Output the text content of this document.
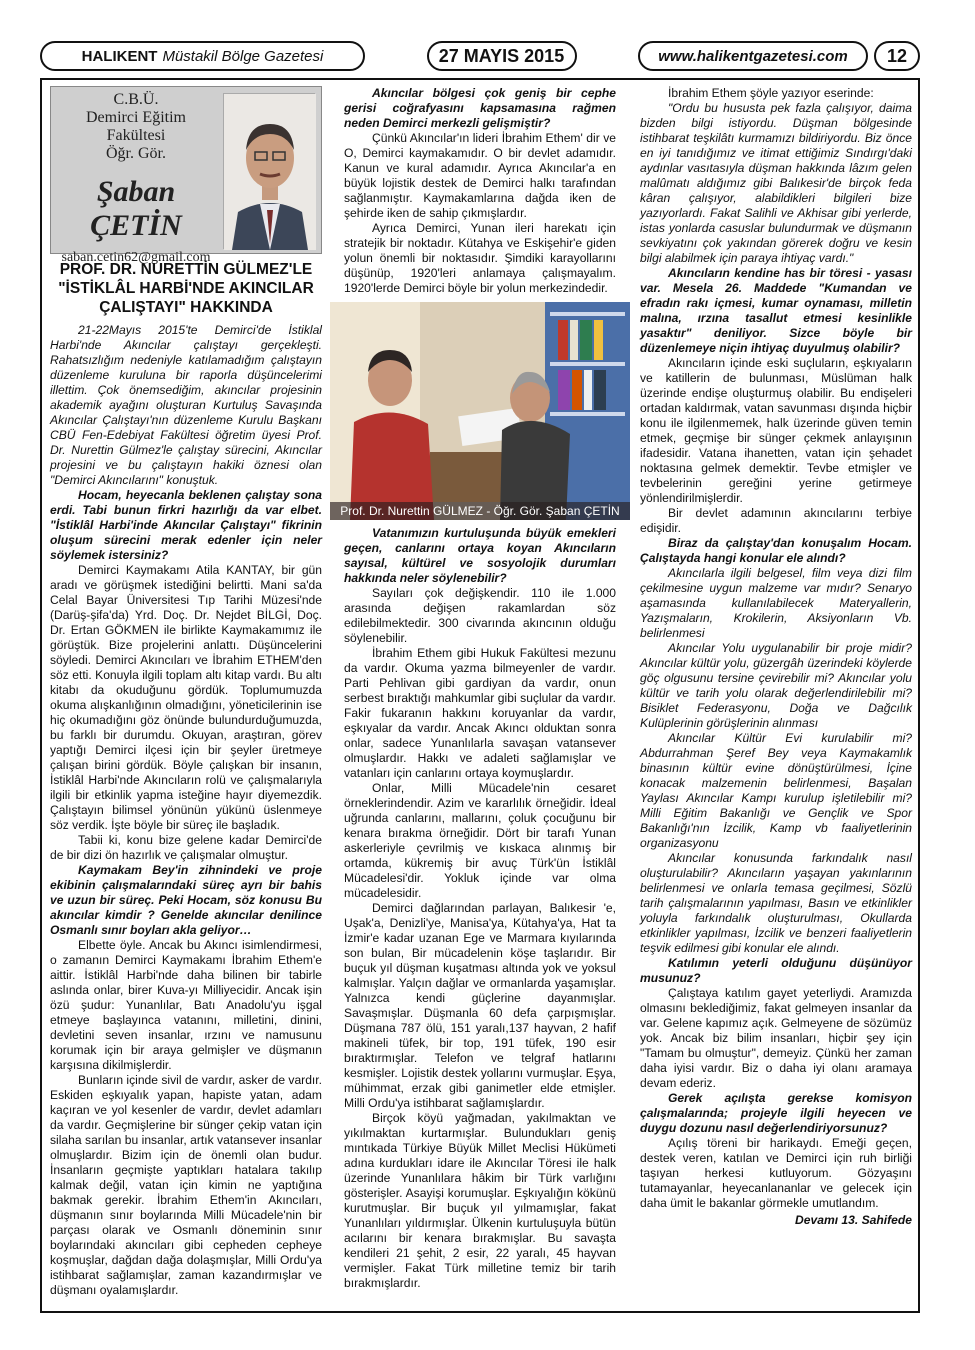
HALIKENT Müstakil Bölge Gazetesi	27 MAYIS 2015	www.halikentgazetesi.com	12
C.B.Ü.
Demirci Eğitim Fakültesi
Öğr. Gör.
Şaban ÇETİN
saban.cetin62@gmail.com
PROF. DR. NURETTİN GÜLMEZ'LE "İSTİKLÂL HARBİ'NDE AKINCILAR ÇALIŞTAYI" HAKKINDA

21-22Mayıs 2015'te Demirci'de İstiklal Harbi'nde Akıncılar çalıştayı gerçekleşti. Rahatsızlığım nedeniyle katılamadığım çalıştayın düzenleme kuruluna bir raporla düşüncelerimi illettim. Çok önemsediğim, akıncılar projesinin akademik ayağını oluşturan Kurtuluş Savaşında Akıncılar Çalıştayı'nın düzenleme Kurulu Başkanı CBÜ Fen-Edebiyat Fakültesi öğretim üyesi Prof. Dr. Nurettin Gülmez'le çalıştay sürecini, Akıncılar projesini ve bu çalıştayın hakiki öznesi olan "Demirci Akıncılarını" konuştuk.

Hocam, heyecanla beklenen çalıştay sona erdi. Tabi bunun firkri hazırlığı da var elbet. "İstiklâl Harbi'inde Akıncılar Çalıştayı" fikrinin oluşum sürecini merak edenler için neler söylemek istersiniz?

Demirci Kaymakamı Atila KANTAY, bir gün aradı ve görüşmek istediğini belirtti. Mani sa'da Celal Bayar Üniversitesi Tıp Tarihi Müzesi'nde (Darüş-şifa'da) Yrd. Doç. Dr. Nejdet BİLGİ, Doç. Dr. Ertan GÖKMEN ile birlikte Kaymakamımız ile görüştük. Bize projelerini anlattı. Düşüncelerini söyledi. Demirci Akıncıları ve İbrahim ETHEM'den söz etti. Konuyla ilgili toplam altı kitap vardı. Bu altı kitabı da okuduğunu gördük. Toplumumuzda okuma alışkanlığının olmadığını, yöneticilerinin ise hiç okumadığını göz önünde bulundurduğumuzda, bu farklı bir durumdu. Okuyan, araştıran, görev yaptığı Demirci ilçesi için bir şeyler üretmeye çalışan birini gördük. Böyle çalışkan bir insanın, İstiklâl Harbi'nde Akıncıların rolü ve çalışmalarıyla ilgili bir etkinlik yapma isteğine hayır diyemezdik. Çalıştayın bilimsel yönünün yükünü üslenmeye söz verdik. İşte böyle bir süreç ile başladık.

Tabii ki, konu bize gelene kadar Demirci'de de bir dizi ön hazırlık ve çalışmalar olmuştur.

Kaymakam Bey'in zihnindeki ve proje ekibinin çalışmalarındaki süreç ayrı bir bahis ve uzun bir süreç. Peki Hocam, söz konusu Bu akıncılar kimdir ? Genelde akıncılar denilince Osmanlı sınır boyları akla geliyor…

Elbette öyle. Ancak bu Akıncı isimlendirmesi, o zamanın Demirci Kaymakamı İbrahim Ethem'e aittir. İstiklâl Harbi'nde daha bilinen bir tabirle aslında onlar, birer Kuva-yı Milliyecidir. Ancak işin özü şudur: Yunanlılar, Batı Anadolu'yu işgal etmeye başlayınca vatanını, milletini, dinini, devletini seven insanlar, ırzını ve namusunu korumak için bir araya gelmişler ve düşmanın karşısına dikilmişlerdir.

Bunların içinde sivil de vardır, asker de vardır. Eskiden eşkıyalık yapan, hapiste yatan, adam kaçıran ve yol kesenler de vardır, devlet adamları da vardır. Geçmişlerine bir sünger çekip vatan için silaha sarılan bu insanlar, artık vatansever insanlar olmuşlardır. Bizim için de önemli olan budur. İnsanların geçmişte yaptıkları hatalara takılıp kalmak değil, vatan için kimin ne yaptığına bakmak gerekir. İbrahim Ethem'in Akıncıları, düşmanın sınır boylarında Milli Mücadele'nin bir parçası olarak ve Osmanlı döneminin sınır boylarındaki akıncıları gibi cepheden cepheye koşmuşlar, dağdan dağa dolaşmışlar, Milli Ordu'ya istihbarat sağlamışlar, zaman kazandırmışlar ve düşmanı oyalamışlardır.

Akıncılar bölgesi çok geniş bir cephe gerisi coğrafyasını kapsamasına rağmen neden Demirci merkezli gelişmiştir?

Çünkü Akıncılar'ın lideri İbrahim Ethem' dir ve O, Demirci kaymakamıdır. O bir devlet adamıdır. Kanun ve kural adamıdır. Ayrıca Akıncılar'a en büyük lojistik destek de Demirci halkı tarafından sağlanmıştır. Kaymakamlarına dağda iken de şehirde iken de sahip çıkmışlardır.

Ayrıca Demirci, Yunan ileri harekatı için stratejik bir noktadır. Kütahya ve Eskişehir'e giden yolun önemli bir noktasıdır. Şimdiki karayollarını düşünüp, 1920'leri anlamaya çalışmayalım. 1920'lerde Demirci böyle bir yolun merkezindedir.

Prof. Dr. Nurettin GÜLMEZ - Öğr. Gör. Şaban ÇETİN

Vatanımızın kurtuluşunda büyük emekleri geçen, canlarını ortaya koyan Akıncıların sayısal, kültürel ve sosyolojik durumları hakkında neler söylenebilir?

Sayıları çok değişkendir. 110 ile 1.000 arasında değişen rakamlardan söz edilebilmektedir. 300 civarında akıncının olduğu söylenebilir.

İbrahim Ethem gibi Hukuk Fakültesi mezunu da vardır. Okuma yazma bilmeyenler de vardır. Parti Pehlivan gibi gardiyan da vardır, onun serbest bıraktığı mahkumlar gibi suçlular da vardır. Fakir fukaranın hakkını koruyanlar da vardır, eşkıyalar da vardır. Ancak Akıncı olduktan sonra onlar, sadece Yunanlılarla savaşan vatansever olmuşlardır. Hakkı ve adaleti sağlamışlar ve vatanları için canlarını ortaya koymuşlardır.

Onlar, Milli Mücadele'nin cesaret örneklerindendir. Azim ve kararlılık örneğidir. İdeal uğrunda canlarını, mallarını, çoluk çocuğunu bir kenara bırakma örneğidir. Dört bir tarafı Yunan askerleriyle çevrilmiş ve kıskaca alınmış bir ortamda, kükremiş bir avuç Türk'ün İstiklâl Mücadelesi'dir. Yokluk içinde var olma mücadelesidir.

Demirci dağlarından parlayan, Balıkesir 'e, Uşak'a, Denizli'ye, Manisa'ya, Kütahya'ya, Hat ta İzmir'e kadar uzanan Ege ve Marmara kıyılarında son bulan, Bir mücadelenin köşe taşlarıdır. Bir buçuk yıl düşman kuşatması altında yok ve yoksul kalmışlar. Yalçın dağlar ve ormanlarda yaşamışlar. Yalnızca kendi güçlerine dayanmışlar. Savaşmışlar. Düşmanla 60 defa çarpışmışlar. Düşmana 787 ölü, 151 yaralı,137 hayvan, 2 hafif makineli tüfek, bir top, 191 tüfek, 190 esir bıraktırmışlar. Telefon ve telgraf hatlarını kesmişler. Lojistik destek yollarını vurmuşlar. Eşya, mühimmat, erzak gibi ganimetler elde etmişler. Milli Ordu'ya istihbarat sağlamışlardır.

Birçok köyü yağmadan, yakılmaktan ve yıkılmaktan kurtarmışlar. Bulundukları geniş mıntıkada Türkiye Büyük Millet Meclisi Hükümeti adına kurdukları idare ile Akıncılar Töresi ile halk üzerinde Yunanlılara hâkim bir Türk varlığını gösterişler. Asayişi korumuşlar. Eşkıyalığın kökünü kurutmuşlar. Bir buçuk yıl yılmamışlar, fakat Yunanlıları yıldırmışlar. Ülkenin kurtuluşuyla bütün acılarını bir kenara bırakmışlar. Bu savaşta kendileri 21 şehit, 2 esir, 22 yaralı, 45 hayvan vermişler. Fakat Türk milletine temiz bir tarih bırakmışlardır.

İbrahim Ethem şöyle yazıyor eserinde:

"Ordu bu hususta pek fazla çalışıyor, daima bizden bilgi istiyordu. Düşman bölgesinde istihbarat teşkilâtı kurmamızı bildiriyordu. Biz önce en iyi tanıdığımız ve itimat ettiğimiz Sındırgı'daki aydınlar vasıtasıyla düşman hakkında lâzım gelen malûmatı aldığımız gibi Balıkesir'de birçok feda kâran çalışıyor, alabildikleri bilgileri bize yazıyorlardı. Fakat Salihli ve Akhisar gibi yerlerde, istas yonlarda casuslar bulundurmak ve düşmanın sevkiyatını çok yakından görerek doğru ve kesin bilgi alabilmek için paraya ihtiyaç vardı."

Akıncıların kendine has bir töresi - yasası var. Mesela 26. Maddede "Kumandan ve efradın rakı içmesi, kumar oynaması, milletin malına, ırzına tasallut etmesi kesinlikle yasaktır" deniliyor. Sizce böyle bir düzenlemeye niçin ihtiyaç duyulmuş olabilir?

Akıncıların içinde eski suçluların, eşkıyaların ve katillerin de bulunması, Müslüman halk üzerinde endişe oluşturmuş olabilir. Bu endişeleri ortadan kaldırmak, vatan savunması dışında hiçbir konu ile ilgilenmemek, halk üzerinde güven temin etmek, geçmişe bir sünger çekmek anlayışının ifadesidir. Vatana ihanetten, vatan için şehadet noktasına gelmek demektir. Tevbe etmişler ve tevbelerinin gereğini yerine getirmeye yönlendirilmişlerdir.

Bir devlet adamının akıncılarını terbiye edişidir.

Biraz da çalıştay'dan konuşalım Hocam. Çalıştayda hangi konular ele alındı?

Akıncılarla ilgili belgesel, film veya dizi film çekilmesine uygun malzeme var mıdır? Senaryo aşamasında kullanılabilecek Materyallerin, Yazışmaların, Krokilerin, Aksiyonların Vb. belirlenmesi

Akıncılar Yolu uygulanabilir bir proje midir? Akıncılar kültür yolu, güzergâh üzerindeki köylerde göç olgusunu tersine çevirebilir mi? Akıncılar yolu kültür ve tarih yolu olarak değerlendirilebilir mi? Bisiklet Federasyonu, Doğa ve Dağcılık Kulüplerinin görüşlerinin alınması

Akıncılar Kültür Evi kurulabilir mi? Abdurrahman Şeref Bey veya Kaymakamlık binasının kültür evine dönüştürülmesi, İçine konacak malzemenin belirlenmesi, Başalan Yaylası Akıncılar Kampı kurulup işletilebilir mi? Milli Eğitim Bakanlığı ve Gençlik ve Spor Bakanlığı'nın İzcilik, Kamp vb faaliyetlerinin organizasyonu

Akıncılar konusunda farkındalık nasıl oluşturulabilir? Akıncıların yaşayan yakınlarının belirlenmesi ve onlarla temasa geçilmesi, Sözlü tarih çalışmalarının yapılması, Basın ve etkinlikler yoluyla farkındalık oluşturulması, Okullarda etkinlikler yapılması, İzcilik ve benzeri faaliyetlerin teşvik edilmesi gibi konular ele alındı.

Katılımın yeterli olduğunu düşünüyor musunuz?

Çalıştaya katılım gayet yeterliydi. Aramızda olmasını beklediğimiz, fakat gelmeyen insanlar da var. Gelene kapımız açık. Gelmeyene de sözümüz yok. Ancak biz bilim insanları, hiçbir şey için "Tamam bu olmuştur", demeyiz. Çünkü her zaman daha iyisi vardır. Biz o daha iyi olanı aramaya devam ederiz.

Gerek açılışta gerekse komisyon çalışmalarında; projeyle ilgili heyecen ve duygu dozunu nasıl değerlendiriyorsunuz?

Açılış töreni bir harikaydı. Emeği geçen, destek veren, katılan ve Demirci için ruh birliği taşıyan herkesi kutluyorum. Gözyaşını tutamayanlar, heyecanlananlar ve gelecek için daha ümit le bakanlar görmekle umutlandım.

Devamı 13. Sahifede
